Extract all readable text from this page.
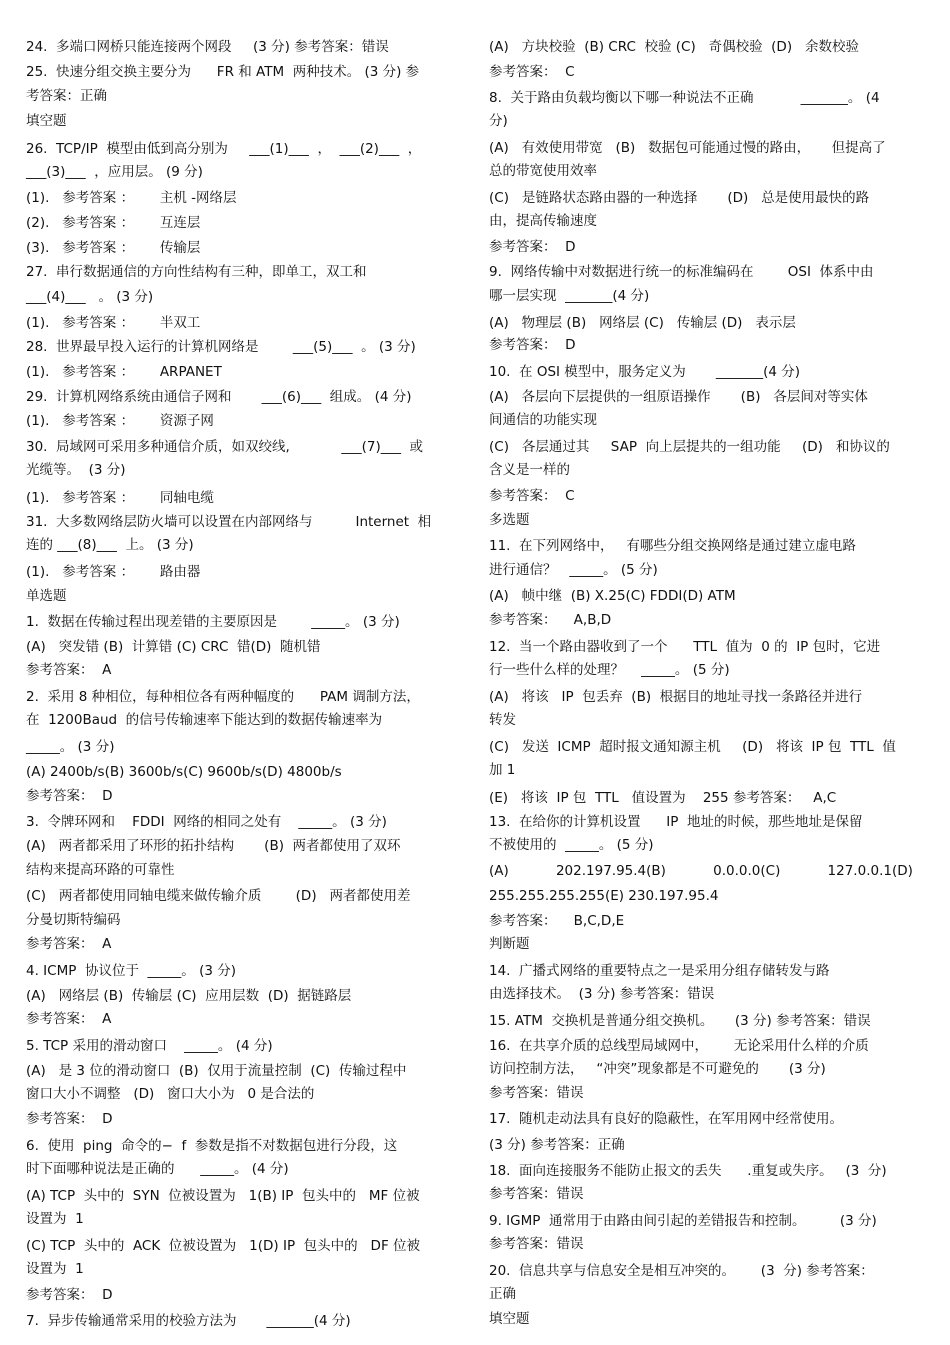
24.  多端口网桥只能连接两个网段     (3 分) 参考答案：错误
25.  快速分组交换主要分为      FR 和 ATM  两种技术。 (3 分) 参
考答案：正确
填空题
26.  TCP/IP  模型由低到高分别为     ___(1)___  ，  ___(2)___  ，
___(3)___  ，应用层。 (9 分)
(1).   参考答案 ：      主机 -网络层
(2).   参考答案 ：      互连层
(3).   参考答案 ：      传输层
27.  串行数据通信的方向性结构有三种，即单工，双工和
___(4)___   。 (3 分)
(1).   参考答案 ：      半双工
28.  世界最早投入运行的计算机网络是        ___(5)___  。 (3 分)
(1).   参考答案 ：      ARPANET
29.  计算机网络系统由通信子网和       ___(6)___  组成。 (4 分)
(1).   参考答案 ：      资源子网
30.  局域网可采用多种通信介质，如双绞线,            ___(7)___  或
光缆等。  (3 分)
(1).   参考答案 ：      同轴电缆
31.  大多数网络层防火墙可以设置在内部网络与          Internet  相
连的 ___(8)___  上。 (3 分)
(1).   参考答案 ：      路由器
单选题
1.  数据在传输过程出现差错的主要原因是        _____。 (3 分)
(A)   突发错 (B)  计算错 (C) CRC  错(D)  随机错
参考答案：  A
2.  采用 8 种相位，每种相位各有两种幅度的      PAM 调制方法，
在  1200Baud  的信号传输速率下能达到的数据传输速率为
_____。 (3 分)
(A) 2400b/s(B) 3600b/s(C) 9600b/s(D) 4800b/s
参考答案：  D
3.  令牌环网和    FDDI  网络的相同之处有    _____。 (3 分)
(A)   两者都采用了环形的拓扑结构       (B)  两者都使用了双环
结构来提高环路的可靠性
(C)   两者都使用同轴电缆来做传输介质        (D)   两者都使用差
分曼切斯特编码
参考答案：  A
4. ICMP  协议位于  _____。 (3 分)
(A)   网络层 (B)  传输层 (C)  应用层数  (D)  据链路层
参考答案：  A
5. TCP 采用的滑动窗口    _____。 (4 分)
(A)   是 3 位的滑动窗口  (B)  仅用于流量控制  (C)  传输过程中
窗口大小不调整   (D)   窗口大小为   0 是合法的
参考答案：  D
6.  使用  ping  命令的−  f  参数是指不对数据包进行分段，这
时下面哪种说法是正确的      _____。 (4 分)
(A) TCP  头中的  SYN  位被设置为   1(B) IP  包头中的   MF 位被
设置为  1
(C) TCP  头中的  ACK  位被设置为   1(D) IP  包头中的   DF 位被
设置为  1
参考答案：  D
7.  异步传输通常采用的校验方法为       _______(4 分)
(A)   方块校验  (B) CRC  校验 (C)   奇偶校验  (D)   余数校验
参考答案：  C
8.  关于路由负载均衡以下哪一种说法不正确           _______。 (4
分)
(A)   有效使用带宽   (B)   数据包可能通过慢的路由，     但提高了
总的带宽使用效率
(C)   是链路状态路由器的一种选择       (D)   总是使用最快的路
由，提高传输速度
参考答案：  D
9.  网络传输中对数据进行统一的标准编码在        OSI  体系中由
哪一层实现  _______(4 分)
(A)   物理层 (B)   网络层 (C)   传输层 (D)   表示层
参考答案：  D
10.  在 OSI 模型中，服务定义为       _______(4 分)
(A)   各层向下层提供的一组原语操作       (B)   各层间对等实体
间通信的功能实现
(C)   各层通过其     SAP  向上层提共的一组功能     (D)   和协议的
含义是一样的
参考答案：  C
多选题
11.  在下列网络中，   有哪些分组交换网络是通过建立虚电路
进行通信？   _____。 (5 分)
(A)   帧中继  (B) X.25(C) FDDI(D) ATM
参考答案：    A,B,D
12.  当一个路由器收到了一个      TTL  值为  0 的  IP 包时，它进
行一些什么样的处理？    _____。 (5 分)
(A)   将该   IP  包丢弃  (B)  根据目的地址寻找一条路径并进行
转发
(C)   发送  ICMP  超时报文通知源主机     (D)   将该  IP 包  TTL  值
加 1
(E)   将该  IP 包  TTL   值设置为    255 参考答案：   A,C
13.  在给你的计算机设置      IP  地址的时候，那些地址是保留
不被使用的  _____。 (5 分)
(A)           202.197.95.4(B)           0.0.0.0(C)           127.0.0.1(D)
255.255.255.255(E) 230.197.95.4
参考答案：    B,C,D,E
判断题
14.  广播式网络的重要特点之一是采用分组存储转发与路
由选择技术。  (3 分) 参考答案：错误
15. ATM  交换机是普通分组交换机。     (3 分) 参考答案：错误
16.  在共享介质的总线型局域网中，      无论采用什么样的介质
访问控制方法，   “冲突”现象都是不可避免的       (3 分)
参考答案：错误
17.  随机走动法具有良好的隐蔽性，在军用网中经常使用。
(3 分) 参考答案：正确
18.  面向连接服务不能防止报文的丢失      .重复或失序。   (3  分)
参考答案：错误
9. IGMP  通常用于由路由间引起的差错报告和控制。        (3 分)
参考答案：错误
20.  信息共享与信息安全是相互冲突的。      (3  分) 参考答案：
正确
填空题
